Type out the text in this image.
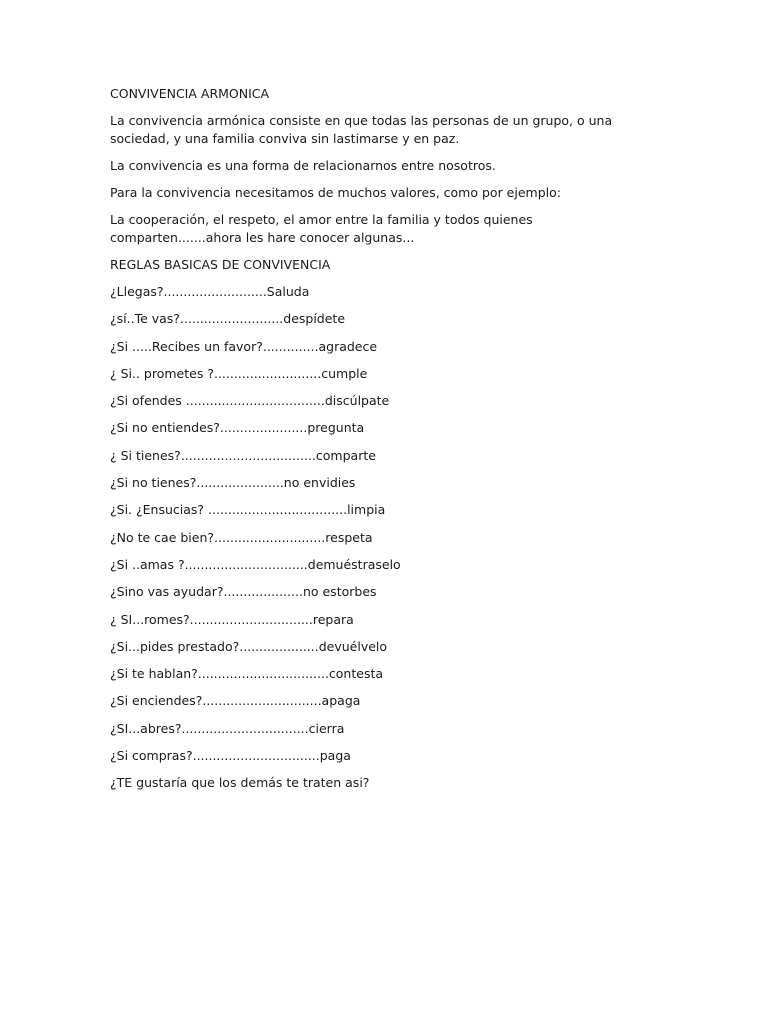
CONVIVENCIA ARMONICA

La convivencia armónica consiste en que todas las personas de un grupo, o una sociedad, y una familia conviva sin lastimarse y en paz.

La convivencia es una forma de relacionarnos entre nosotros.

Para la convivencia necesitamos de muchos valores, como por ejemplo:

La cooperación, el respeto, el amor entre la familia y todos quienes comparten.......ahora les hare conocer algunas...

REGLAS BASICAS DE CONVIVENCIA
¿Llegas?..........................Saluda
¿sí..Te vas?..........................despídete
¿Si .....Recibes un favor?..............agradece
¿ Si.. prometes ?...........................cumple
¿Si ofendes ...................................discúlpate
¿Si no entiendes?......................pregunta
¿ Si tienes?..................................comparte
¿Si no tienes?......................no envidies
¿Si. ¿Ensucias? ...................................limpia
¿No te cae bien?............................respeta
¿Si ..amas ?...............................demuéstraselo
¿Sino vas ayudar?....................no estorbes
¿ SI...romes?...............................repara
¿Si...pides prestado?....................devuélvelo
¿Si te hablan?.................................contesta
¿Si enciendes?..............................apaga
¿SI...abres?................................cierra
¿Si compras?................................paga

¿TE gustaría que los demás te traten asi?
